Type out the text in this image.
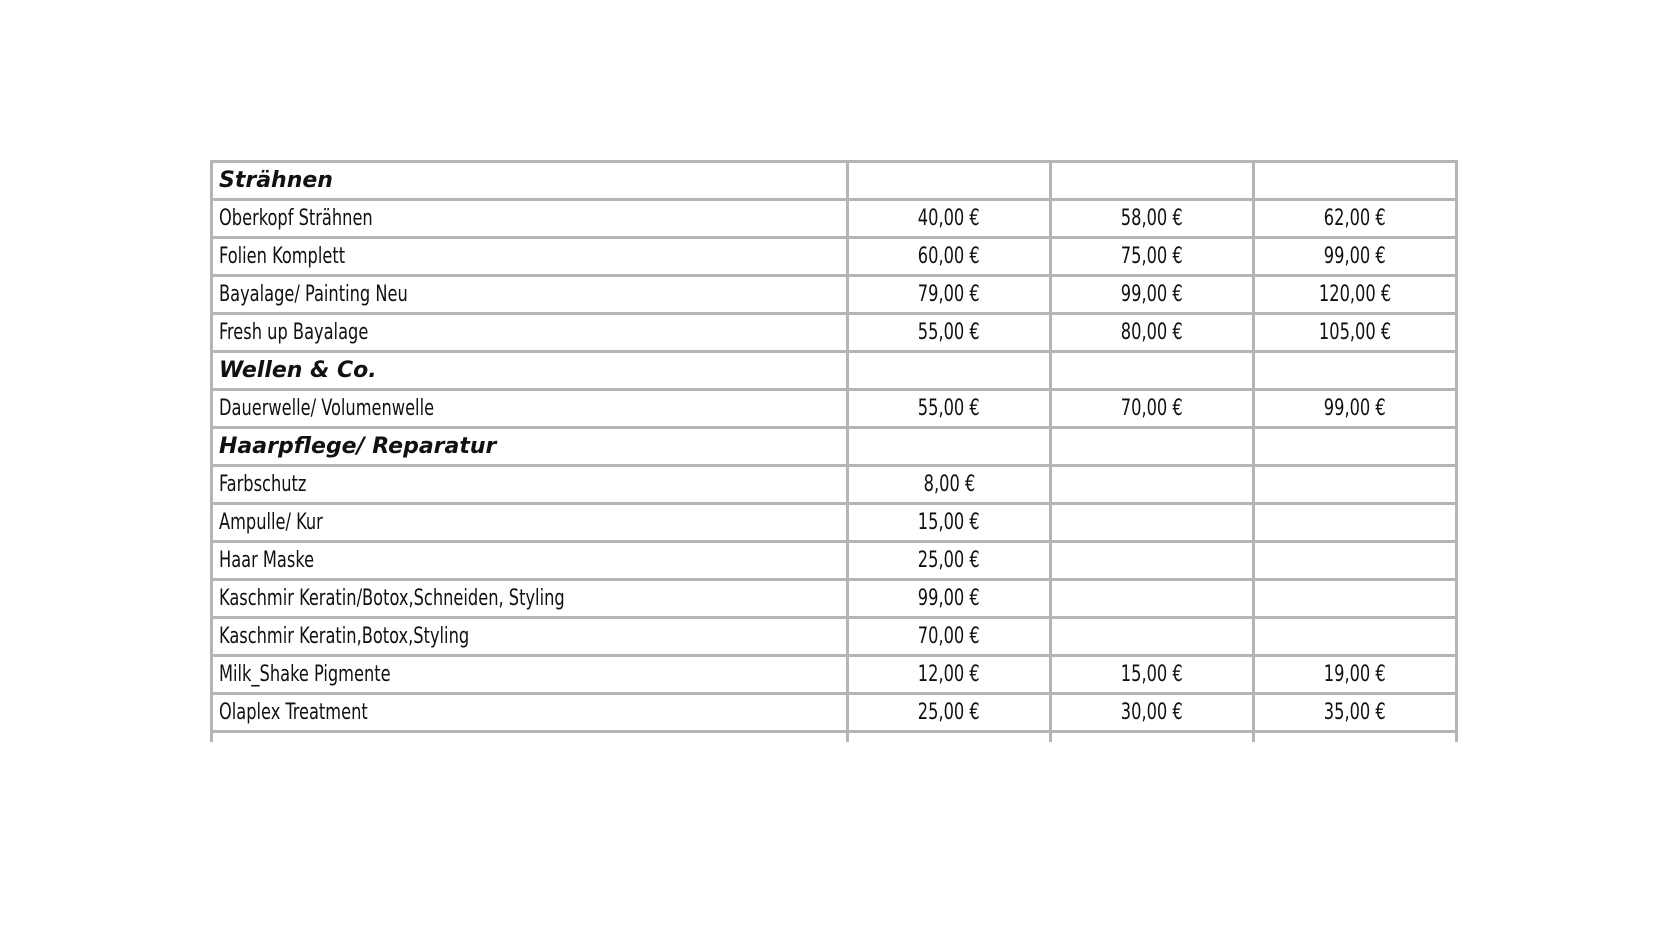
Strähnen			
Oberkopf Strähnen	40,00 €	58,00 €	62,00 €
Folien Komplett	60,00 €	75,00 €	99,00 €
Bayalage/ Painting Neu	79,00 €	99,00 €	120,00 €
Fresh up Bayalage	55,00 €	80,00 €	105,00 €
Wellen & Co.			
Dauerwelle/ Volumenwelle	55,00 €	70,00 €	99,00 €
Haarpflege/ Reparatur			
Farbschutz	8,00 €		
Ampulle/ Kur	15,00 €		
Haar Maske	25,00 €		
Kaschmir Keratin/Botox,Schneiden, Styling	99,00 €		
Kaschmir Keratin,Botox,Styling	70,00 €		
Milk_Shake Pigmente	12,00 €	15,00 €	19,00 €
Olaplex Treatment	25,00 €	30,00 €	35,00 €
